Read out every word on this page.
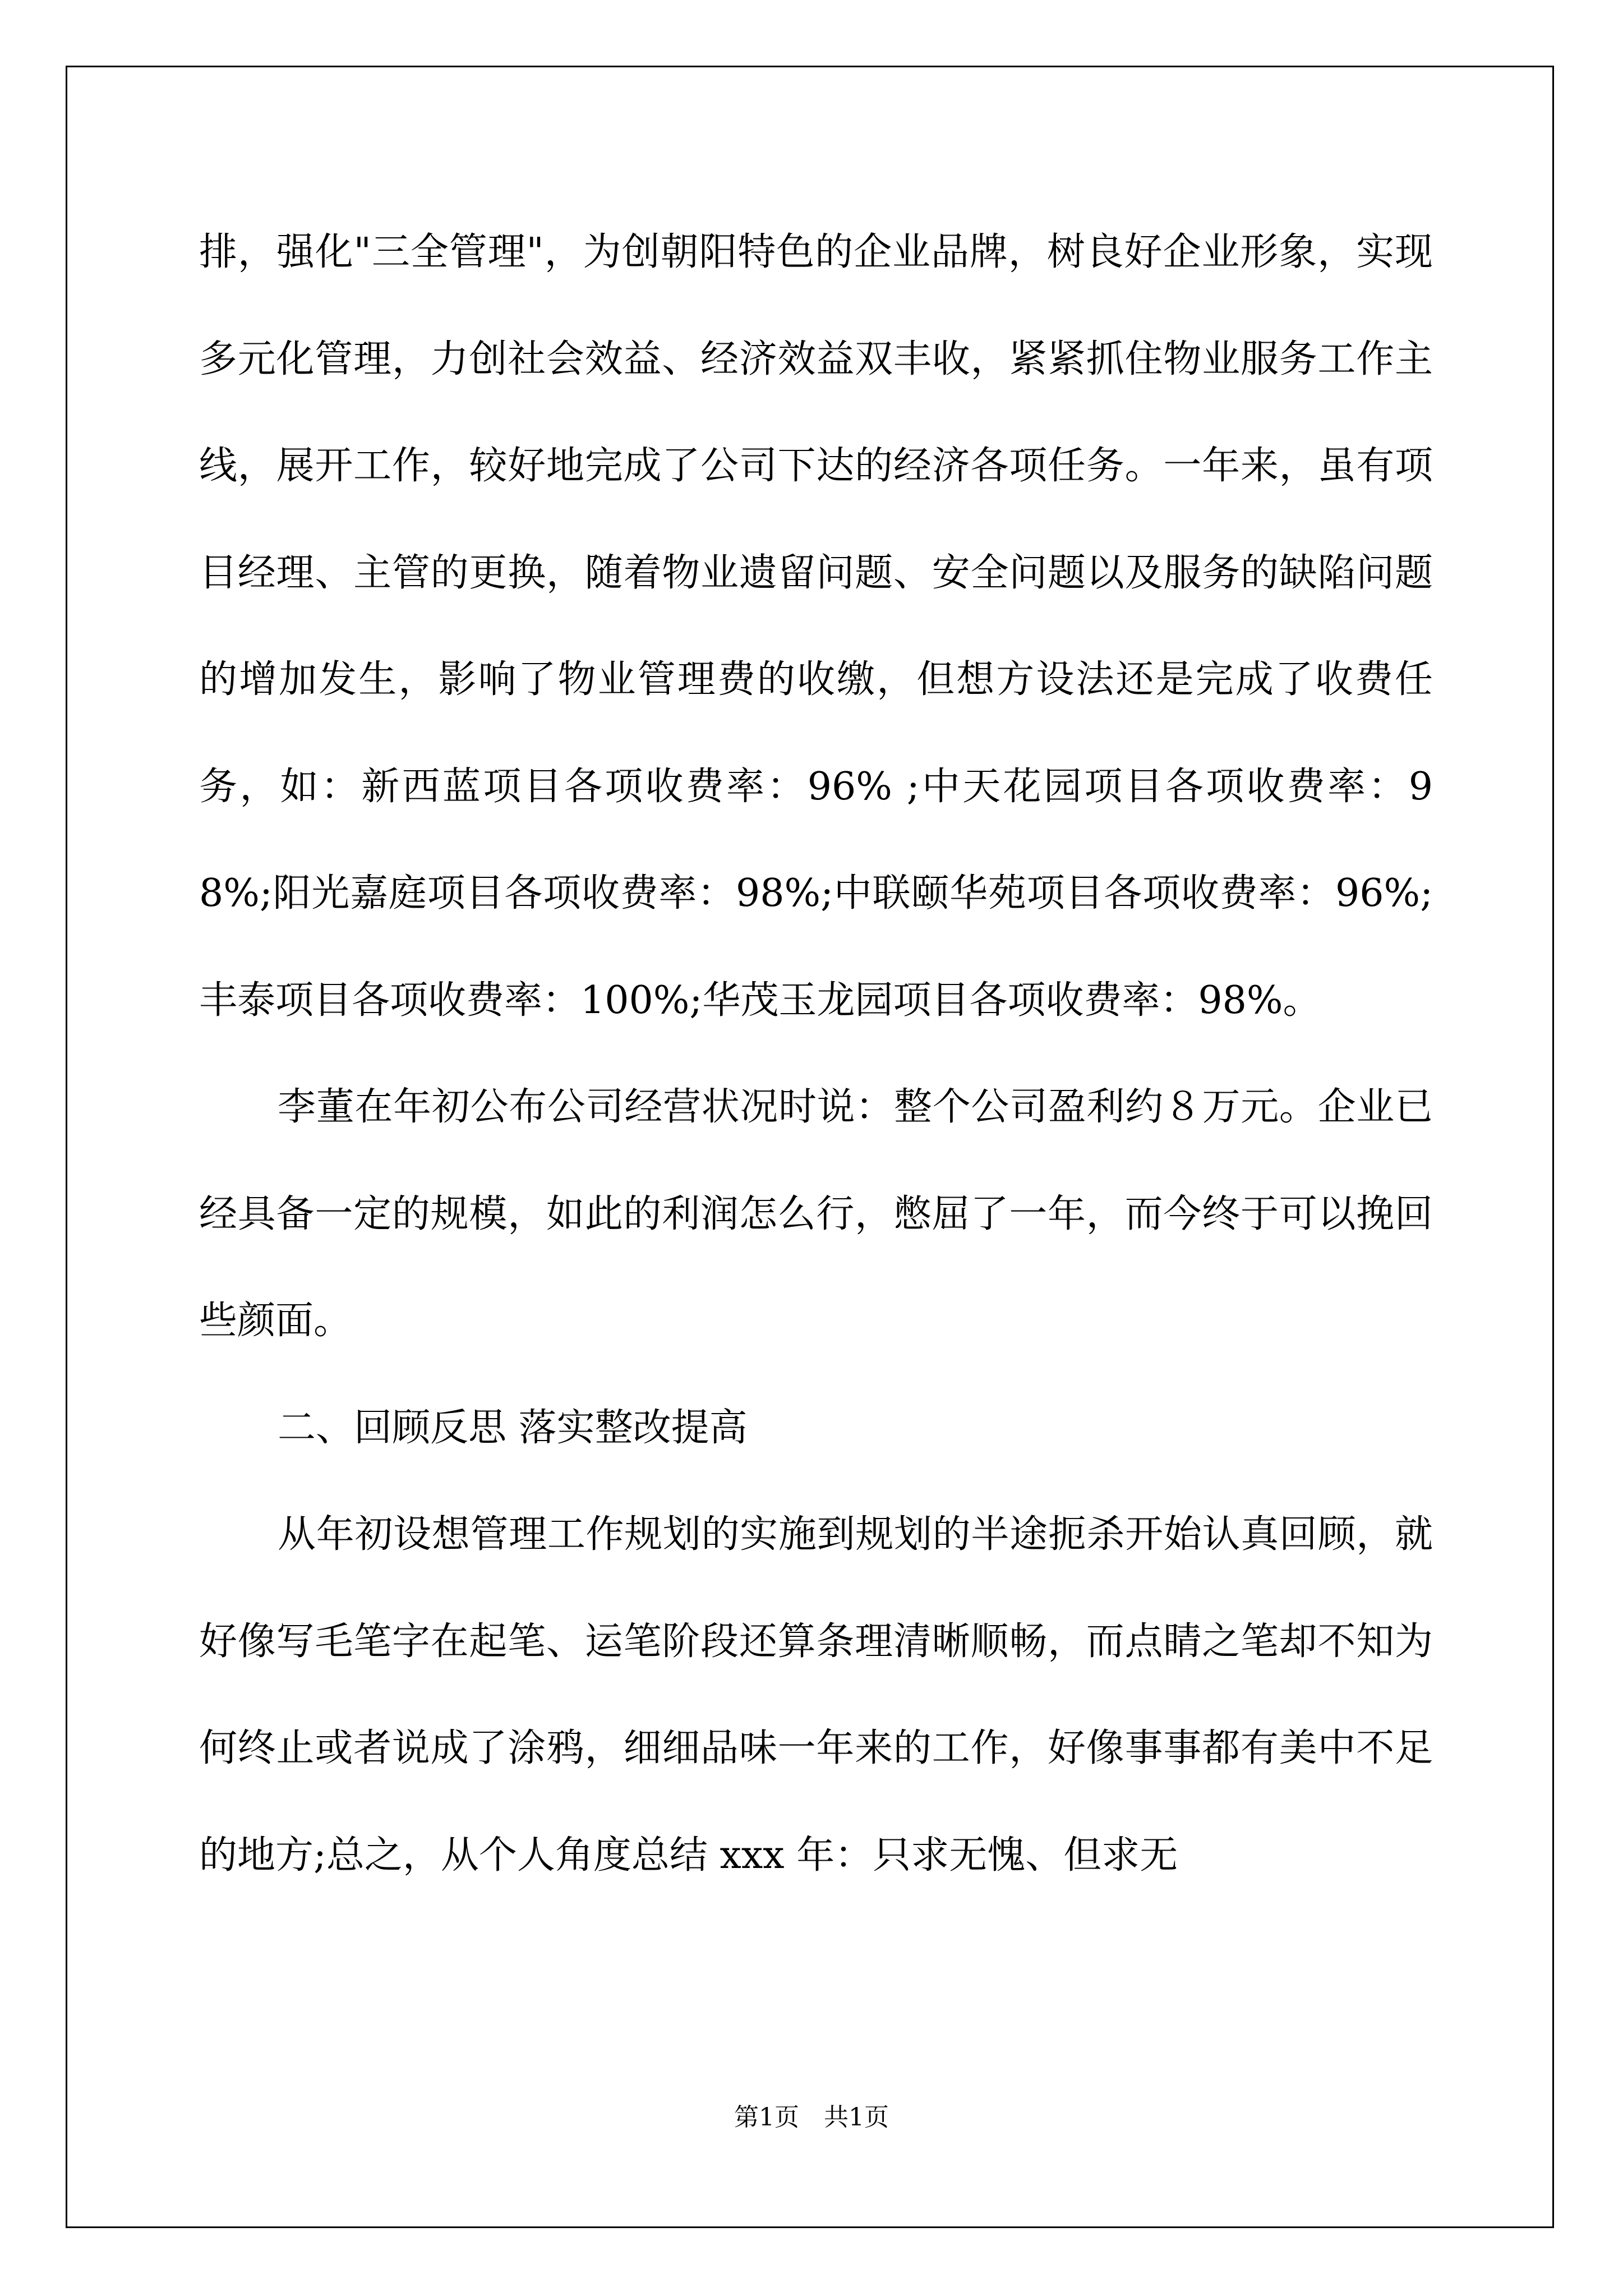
排，强化"三全管理"，为创朝阳特色的企业品牌，树良好企业形象，实现多元化管理，力创社会效益、经济效益双丰收，紧紧抓住物业服务工作主线，展开工作，较好地完成了公司下达的经济各项任务。一年来，虽有项目经理、主管的更换，随着物业遗留问题、安全问题以及服务的缺陷问题的增加发生，影响了物业管理费的收缴，但想方设法还是完成了收费任务，如：新西蓝项目各项收费率：96% ;中天花园项目各项收费率：98%;阳光嘉庭项目各项收费率：98%;中联颐华苑项目各项收费率：96%;丰泰项目各项收费率：100%;华茂玉龙园项目各项收费率：98%。

李董在年初公布公司经营状况时说：整个公司盈利约８万元。企业已经具备一定的规模，如此的利润怎么行，憋屈了一年，而今终于可以挽回些颜面。

二、回顾反思 落实整改提高

从年初设想管理工作规划的实施到规划的半途扼杀开始认真回顾，就好像写毛笔字在起笔、运笔阶段还算条理清晰顺畅，而点睛之笔却不知为何终止或者说成了涂鸦，细细品味一年来的工作，好像事事都有美中不足的地方;总之，从个人角度总结 xxx 年：只求无愧、但求无

第1页　共1页
